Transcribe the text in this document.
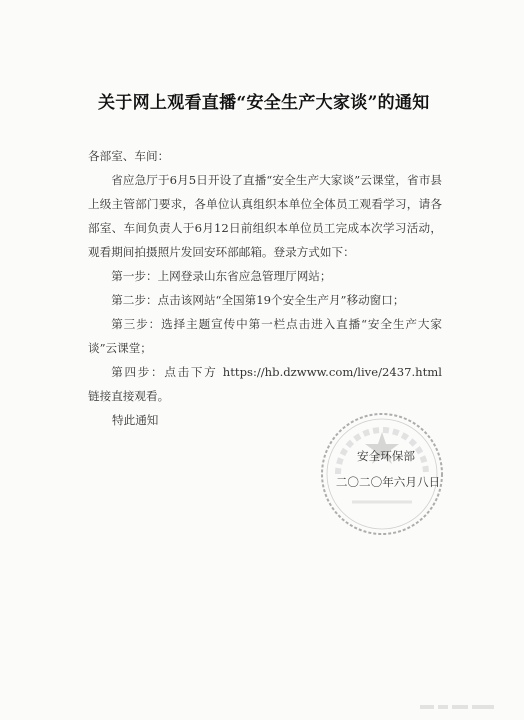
关于网上观看直播“安全生产大家谈”的通知
各部室、车间：
省应急厅于6月5日开设了直播“安全生产大家谈”云课堂，省市县上级主管部门要求，各单位认真组织本单位全体员工观看学习，请各部室、车间负责人于6月12日前组织本单位员工完成本次学习活动，观看期间拍摄照片发回安环部邮箱。登录方式如下：
第一步：上网登录山东省应急管理厅网站；
第二步：点击该网站“全国第19个安全生产月”移动窗口；
第三步：选择主题宣传中第一栏点击进入直播“安全生产大家谈”云课堂；
第四步：点击下方 https://hb.dzwww.com/live/2437.html 链接直接观看。
特此通知
安全环保部
二〇二〇年六月八日
